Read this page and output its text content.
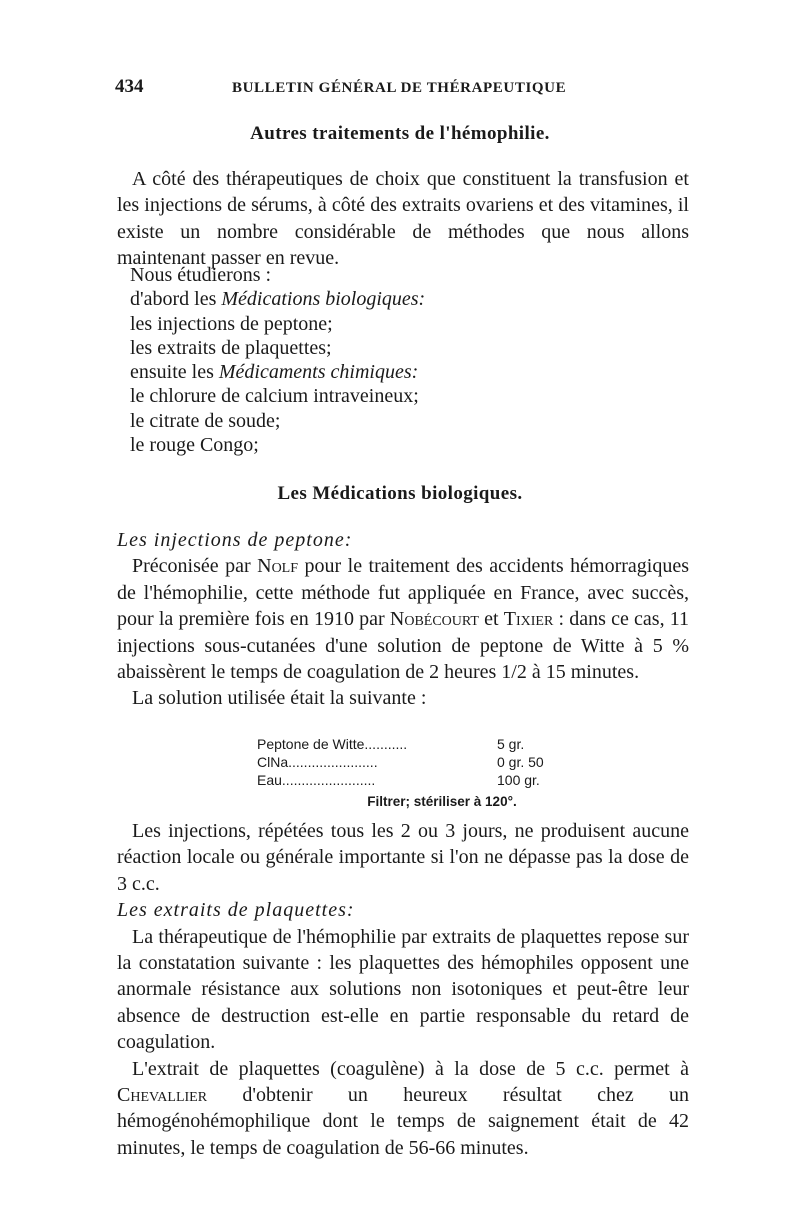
434	BULLETIN GÉNÉRAL DE THÉRAPEUTIQUE
Autres traitements de l'hémophilie.

A côté des thérapeutiques de choix que constituent la transfusion et les injections de sérums, à côté des extraits ovariens et des vitamines, il existe un nombre considérable de méthodes que nous allons maintenant passer en revue.

Nous étudierons :
d'abord les Médications biologiques:
les injections de peptone;
les extraits de plaquettes;
ensuite les Médicaments chimiques:
le chlorure de calcium intraveineux;
le citrate de soude;
le rouge Congo;
Les Médications biologiques.

Les injections de peptone:

Préconisée par Nolf pour le traitement des accidents hémorragiques de l'hémophilie, cette méthode fut appliquée en France, avec succès, pour la première fois en 1910 par Nobécourt et Tixier : dans ce cas, 11 injections sous-cutanées d'une solution de peptone de Witte à 5 % abaissèrent le temps de coagulation de 2 heures 1/2 à 15 minutes.

La solution utilisée était la suivante :

Peptone de Witte...........	5 gr.
ClNa.......................	0 gr. 50
Eau........................	100 gr.
Filtrer; stériliser à 120°.

Les injections, répétées tous les 2 ou 3 jours, ne produisent aucune réaction locale ou générale importante si l'on ne dépasse pas la dose de 3 c.c.

Les extraits de plaquettes:

La thérapeutique de l'hémophilie par extraits de plaquettes repose sur la constatation suivante : les plaquettes des hémophiles opposent une anormale résistance aux solutions non isotoniques et peut-être leur absence de destruction est-elle en partie responsable du retard de coagulation.

L'extrait de plaquettes (coagulène) à la dose de 5 c.c. permet à Chevallier d'obtenir un heureux résultat chez un hémogénohémophilique dont le temps de saignement était de 42 minutes, le temps de coagulation de 56-66 minutes.
